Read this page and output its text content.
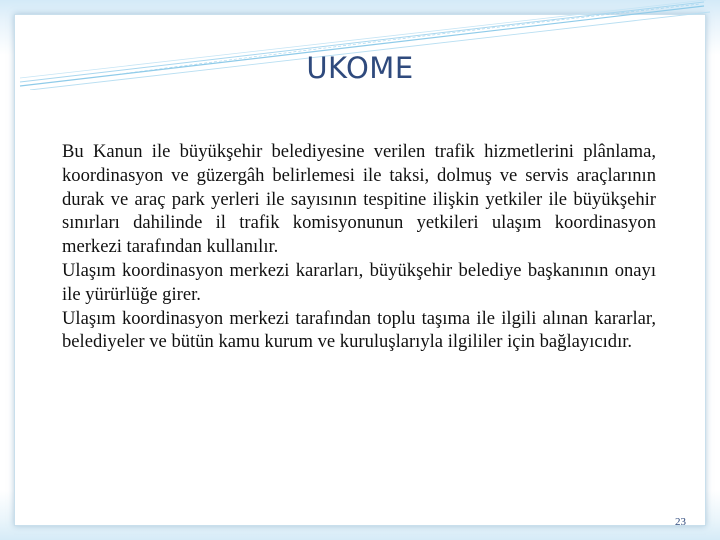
UKOME

Bu Kanun ile büyükşehir belediyesine verilen trafik hizmetlerini plânlama, koordinasyon ve güzergâh belirlemesi ile taksi, dolmuş ve servis araçlarının durak ve araç park yerleri ile sayısının tespitine ilişkin yetkiler ile büyükşehir sınırları dahilinde il trafik komisyonunun yetkileri ulaşım koordinasyon merkezi tarafından kullanılır.

Ulaşım koordinasyon merkezi kararları, büyükşehir belediye başkanının onayı ile yürürlüğe girer.

Ulaşım koordinasyon merkezi tarafından toplu taşıma ile ilgili alınan kararlar, belediyeler ve bütün kamu kurum ve kuruluşlarıyla ilgililer için bağlayıcıdır.

23
